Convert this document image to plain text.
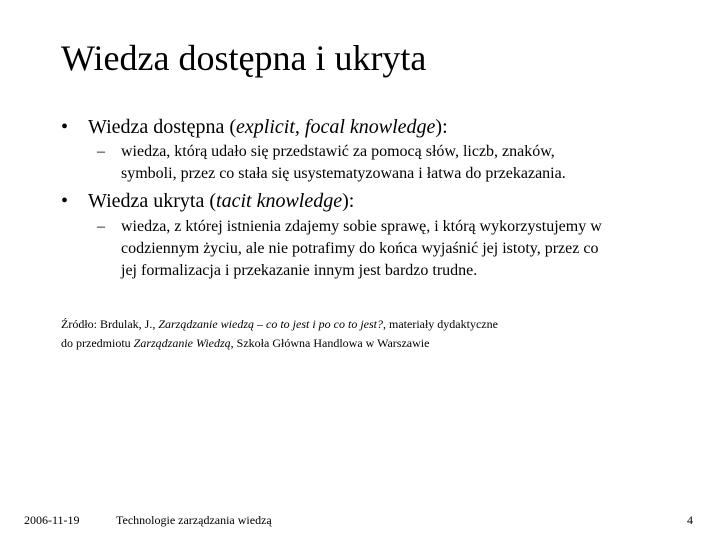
Wiedza dostępna i ukryta
• Wiedza dostępna (explicit, focal knowledge):
– wiedza, którą udało się przedstawić za pomocą słów, liczb, znaków,
symboli, przez co stała się usystematyzowana i łatwa do przekazania.
• Wiedza ukryta (tacit knowledge):
– wiedza, z której istnienia zdajemy sobie sprawę, i którą wykorzystujemy w
codziennym życiu, ale nie potrafimy do końca wyjaśnić jej istoty, przez co
jej formalizacja i przekazanie innym jest bardzo trudne.
Źródło: Brdulak, J., Zarządzanie wiedzą – co to jest i po co to jest?, materiały dydaktyczne
do przedmiotu Zarządzanie Wiedzą, Szkoła Główna Handlowa w Warszawie
2006-11-19	Technologie zarządzania wiedzą	4
